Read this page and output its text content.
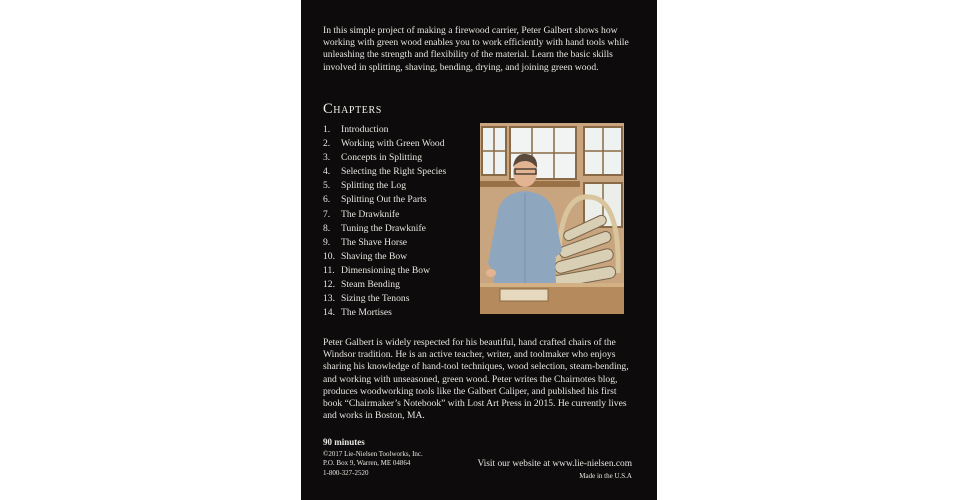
In this simple project of making a firewood carrier, Peter Galbert shows how working with green wood enables you to work efficiently with hand tools while unleashing the strength and flexibility of the material. Learn the basic skills involved in splitting, shaving, bending, drying, and joining green wood.

Chapters
1. Introduction
2. Working with Green Wood
3. Concepts in Splitting
4. Selecting the Right Species
5. Splitting the Log
6. Splitting Out the Parts
7. The Drawknife
8. Tuning the Drawknife
9. The Shave Horse
10. Shaving the Bow
11. Dimensioning the Bow
12. Steam Bending
13. Sizing the Tenons
14. The Mortises

Peter Galbert is widely respected for his beautiful, hand crafted chairs of the Windsor tradition. He is an active teacher, writer, and toolmaker who enjoys sharing his knowledge of hand-tool techniques, wood selection, steam-bending, and working with unseasoned, green wood. Peter writes the Chairnotes blog, produces woodworking tools like the Galbert Caliper, and published his first book “Chairmaker’s Notebook” with Lost Art Press in 2015. He currently lives and works in Boston, MA.

90 minutes
©2017 Lie-Nielsen Toolworks, Inc.
P.O. Box 9, Warren, ME 04864
1-800-327-2520
Visit our website at www.lie-nielsen.com
Made in the U.S.A
